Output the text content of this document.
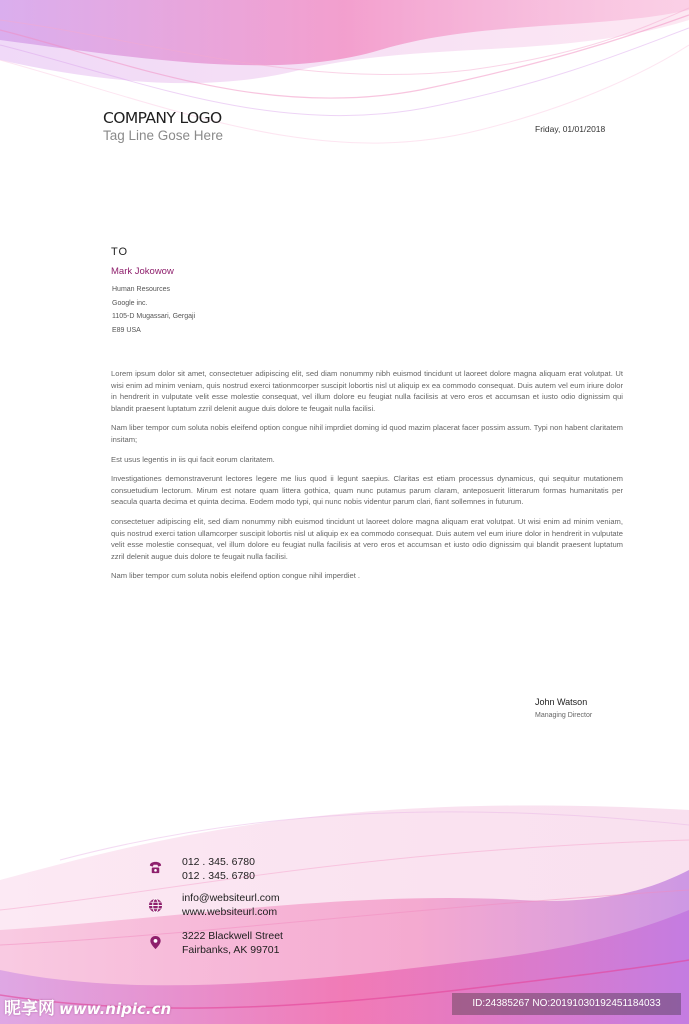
COMPANY LOGO
Tag Line Gose Here	Friday, 01/01/2018
TO
Mark Jokowow
Human Resources
Google inc.
1105-D Mugassari, Gergaji
E89 USA

Lorem ipsum dolor sit amet, consectetuer adipiscing elit, sed diam nonummy nibh euismod tincidunt ut laoreet dolore magna aliquam erat volutpat. Ut wisi enim ad minim veniam, quis nostrud exerci tationmcorper suscipit lobortis nisl ut aliquip ex ea commodo consequat. Duis autem vel eum iriure dolor in hendrerit in vulputate velit esse molestie consequat, vel illum dolore eu feugiat nulla facilisis at vero eros et accumsan et iusto odio dignissim qui blandit praesent luptatum zzril delenit augue duis dolore te feugait nulla facilisi.

Nam liber tempor cum soluta nobis eleifend option congue nihil imprdiet doming id quod mazim placerat facer possim assum. Typi non habent claritatem insitam;

Est usus legentis in iis qui facit eorum claritatem.

Investigationes demonstraverunt lectores legere me lius quod ii legunt saepius. Claritas est etiam processus dynamicus, qui sequitur mutationem consuetudium lectorum. Mirum est notare quam littera gothica, quam nunc putamus parum claram, anteposuerit litterarum formas humanitatis per seacula quarta decima et quinta decima. Eodem modo typi, qui nunc nobis videntur parum clari, fiant sollemnes in futurum.

consectetuer adipiscing elit, sed diam nonummy nibh euismod tincidunt ut laoreet dolore magna aliquam erat volutpat. Ut wisi enim ad minim veniam, quis nostrud exerci tation ullamcorper suscipit lobortis nisl ut aliquip ex ea commodo consequat. Duis autem vel eum iriure dolor in hendrerit in vulputate velit esse molestie consequat, vel illum dolore eu feugiat nulla facilisis at vero eros et accumsan et iusto odio dignissim qui blandit praesent luptatum zzril delenit augue duis dolore te feugait nulla facilisi.

Nam liber tempor cum soluta nobis eleifend option congue nihil imperdiet .

John Watson
Managing Director
012 . 345. 6780
012 . 345. 6780
info@websiteurl.com
www.websiteurl.com
3222 Blackwell Street
Fairbanks, AK 99701
昵享网 www.nipic.cn	ID:24385267 NO:20191030192451184033
